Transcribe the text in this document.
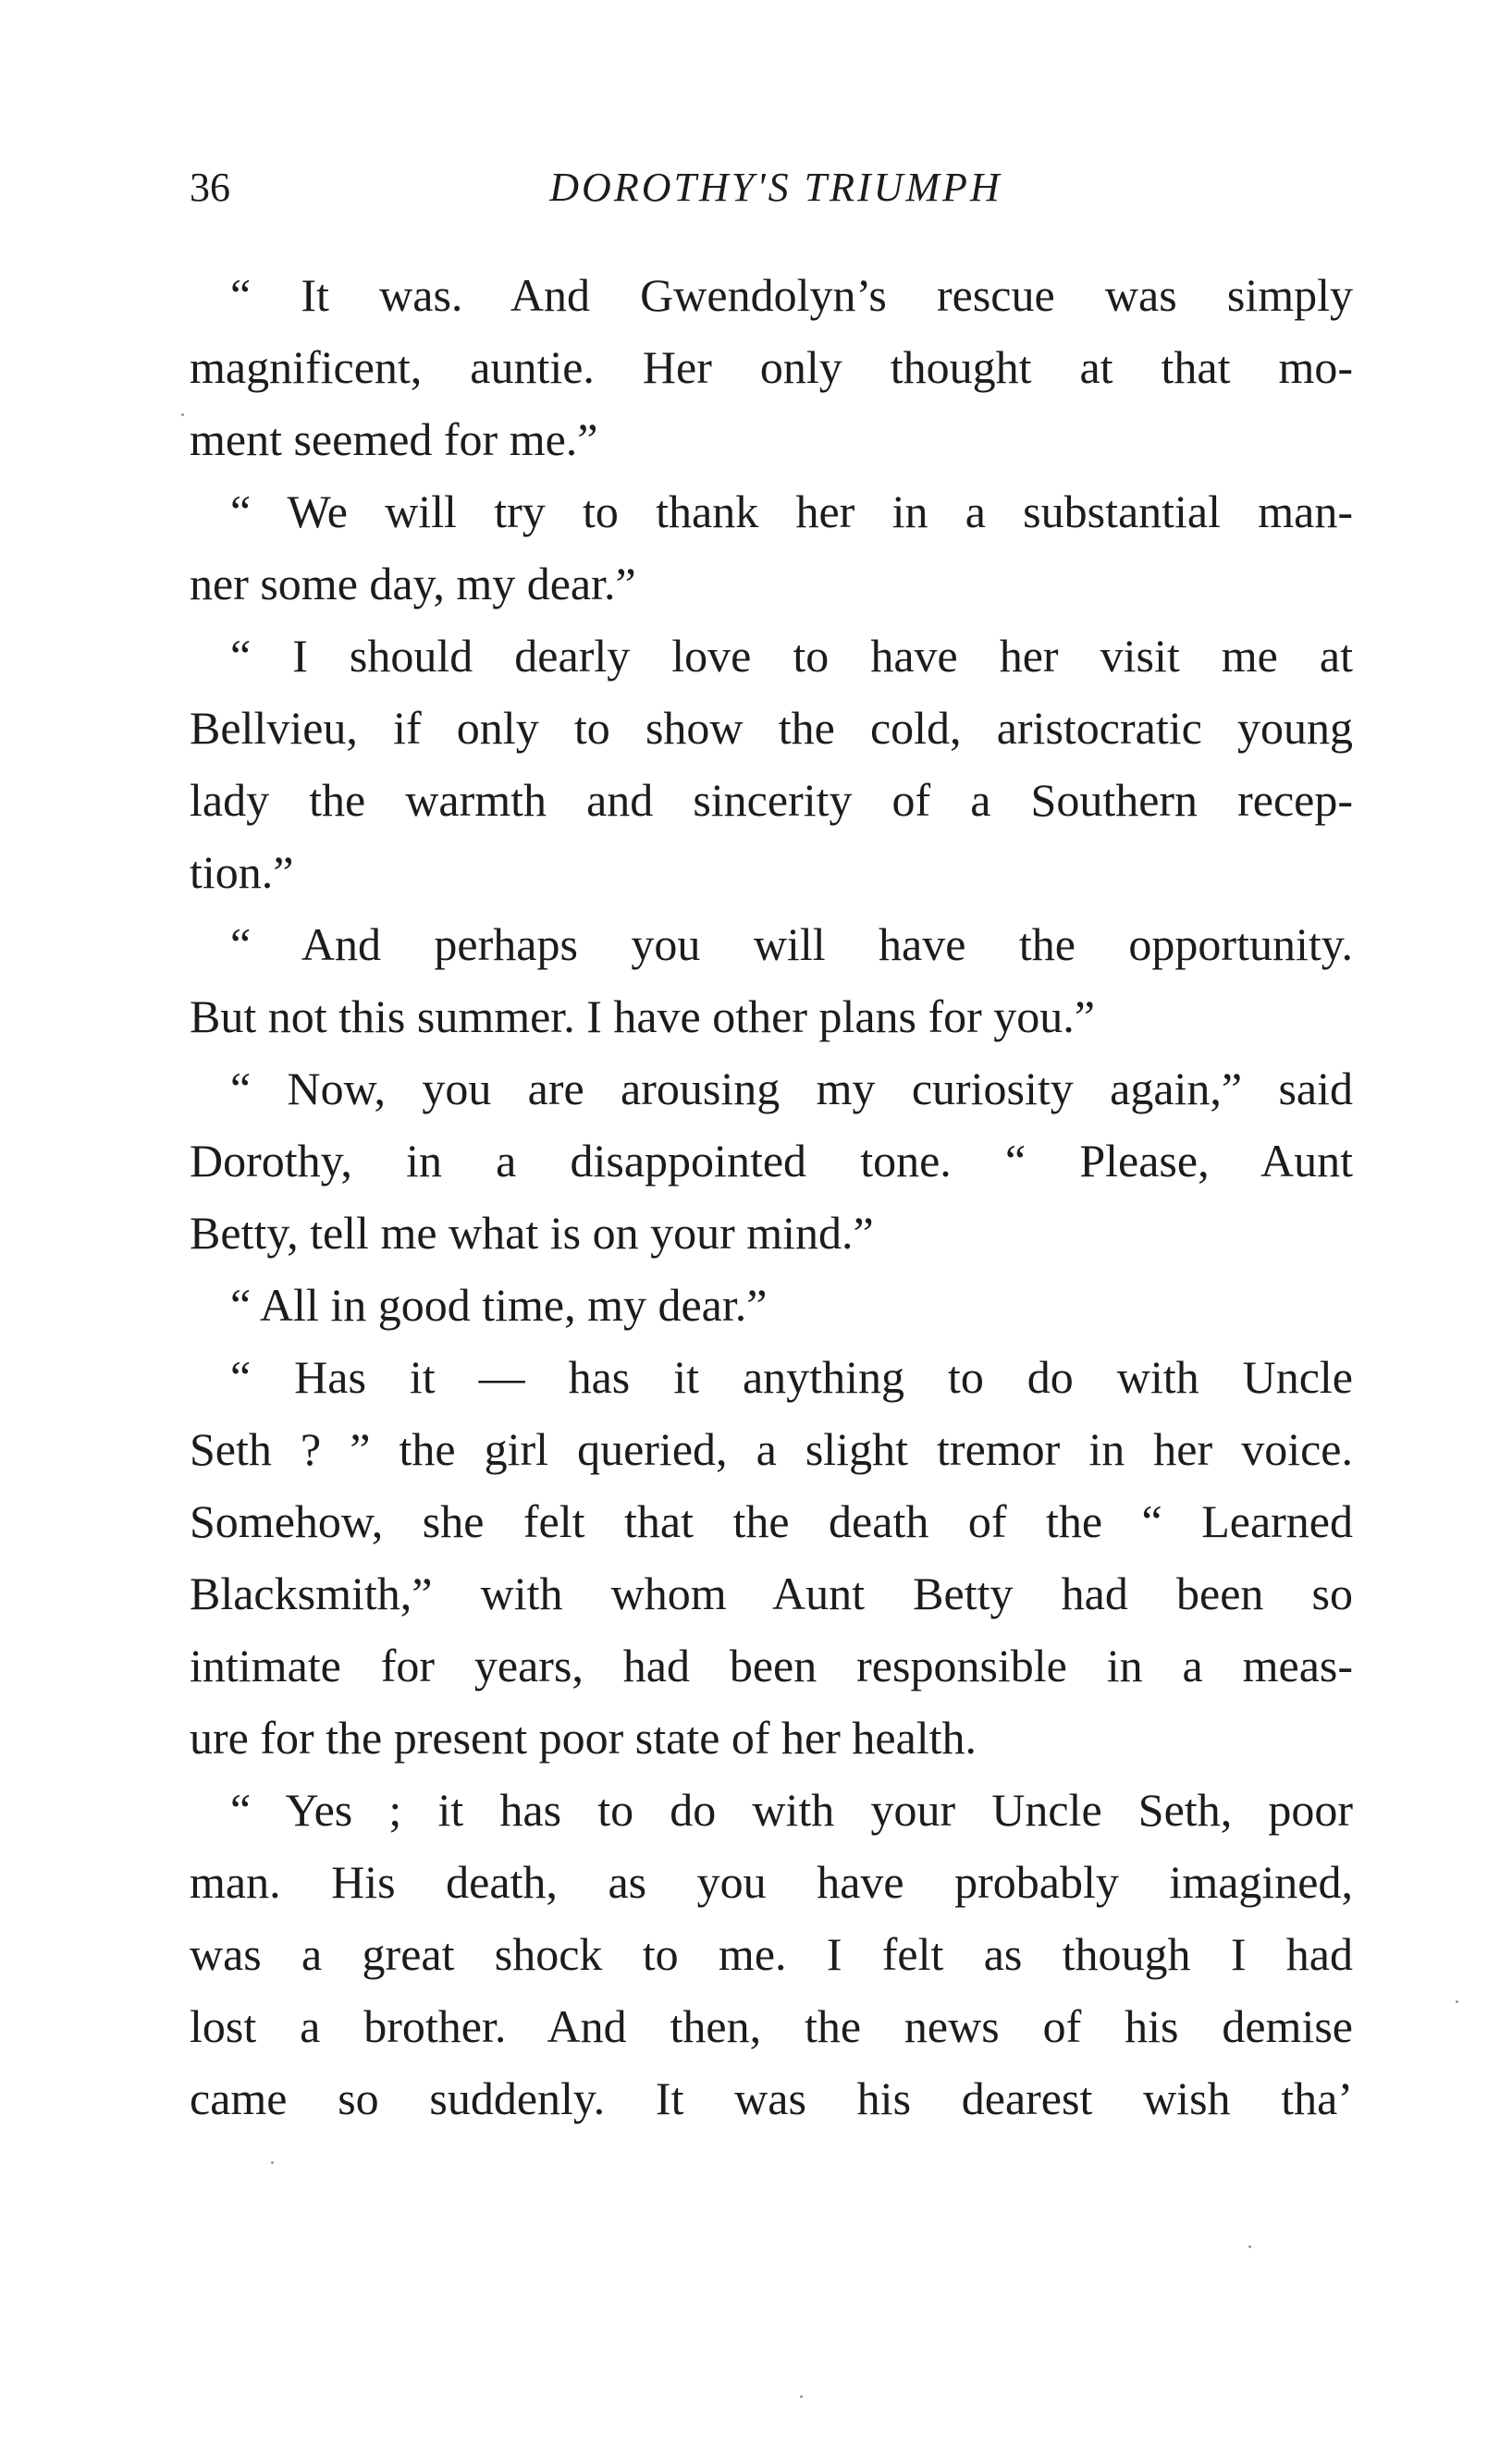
36	DOROTHY'S TRIUMPH
“ It was. And Gwendolyn’s rescue was simply
magnificent, auntie. Her only thought at that mo-
ment seemed for me.”
“ We will try to thank her in a substantial man-
ner some day, my dear.”
“ I should dearly love to have her visit me at
Bellvieu, if only to show the cold, aristocratic young
lady the warmth and sincerity of a Southern recep-
tion.”
“ And perhaps you will have the opportunity.
But not this summer. I have other plans for you.”
“ Now, you are arousing my curiosity again,” said
Dorothy, in a disappointed tone. “ Please, Aunt
Betty, tell me what is on your mind.”
“ All in good time, my dear.”
“ Has it — has it anything to do with Uncle
Seth ? ” the girl queried, a slight tremor in her voice.
Somehow, she felt that the death of the “ Learned
Blacksmith,” with whom Aunt Betty had been so
intimate for years, had been responsible in a meas-
ure for the present poor state of her health.
“ Yes ; it has to do with your Uncle Seth, poor
man. His death, as you have probably imagined,
was a great shock to me. I felt as though I had
lost a brother. And then, the news of his demise
came so suddenly. It was his dearest wish tha’
